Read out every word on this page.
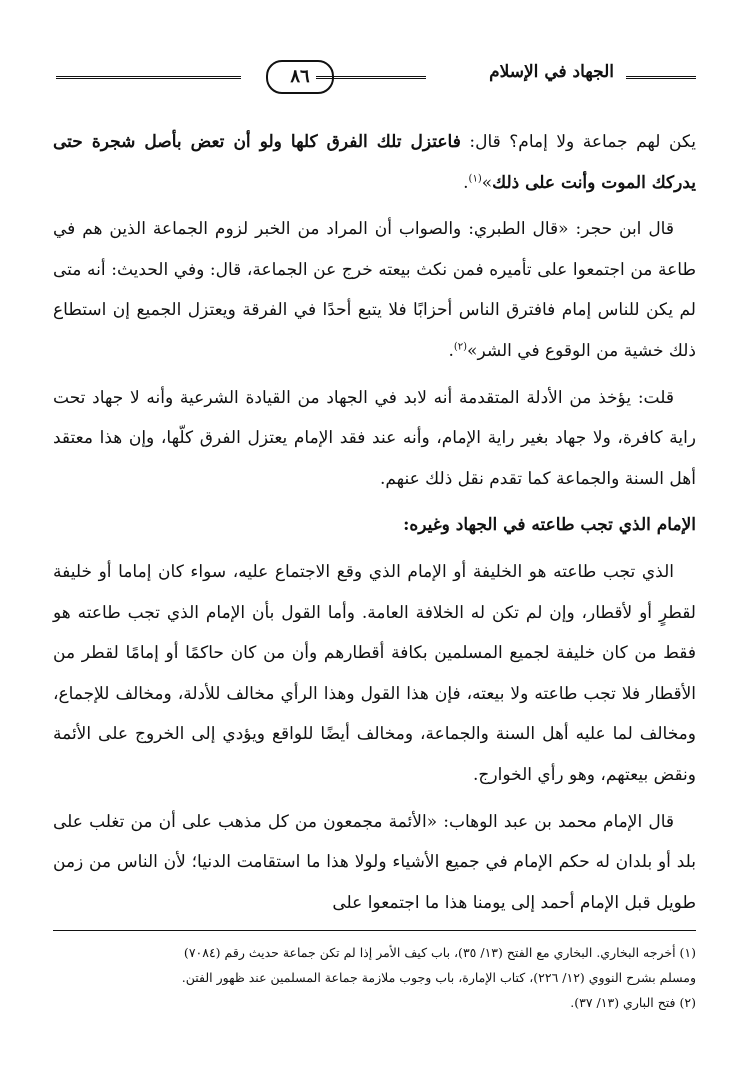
الجهاد في الإسلام
٨٦

يكن لهم جماعة ولا إمام؟ قال: فاعتزل تلك الفرق كلها ولو أن تعض بأصل شجرة حتى يدركك الموت وأنت على ذلك»$^{(١)}$.

قال ابن حجر: «قال الطبري: والصواب أن المراد من الخبر لزوم الجماعة الذين هم في طاعة من اجتمعوا على تأميره فمن نكث بيعته خرج عن الجماعة، قال: وفي الحديث: أنه متى لم يكن للناس إمام فافترق الناس أحزابًا فلا يتبع أحدًا في الفرقة ويعتزل الجميع إن استطاع ذلك خشية من الوقوع في الشر»$^{(٢)}$.

قلت: يؤخذ من الأدلة المتقدمة أنه لابد في الجهاد من القيادة الشرعية وأنه لا جهاد تحت راية كافرة، ولا جهاد بغير راية الإمام، وأنه عند فقد الإمام يعتزل الفرق كلّها، وإن هذا معتقد أهل السنة والجماعة كما تقدم نقل ذلك عنهم.

الإمام الذي تجب طاعته في الجهاد وغيره:

الذي تجب طاعته هو الخليفة أو الإمام الذي وقع الاجتماع عليه، سواء كان إماما أو خليفة لقطرٍ أو لأقطار، وإن لم تكن له الخلافة العامة. وأما القول بأن الإمام الذي تجب طاعته هو فقط من كان خليفة لجميع المسلمين بكافة أقطارهم وأن من كان حاكمًا أو إمامًا لقطر من الأقطار فلا تجب طاعته ولا بيعته، فإن هذا القول وهذا الرأي مخالف للأدلة، ومخالف للإجماع، ومخالف لما عليه أهل السنة والجماعة، ومخالف أيضًا للواقع ويؤدي إلى الخروج على الأئمة ونقض بيعتهم، وهو رأي الخوارج.

قال الإمام محمد بن عبد الوهاب: «الأئمة مجمعون من كل مذهب على أن من تغلب على بلد أو بلدان له حكم الإمام في جميع الأشياء ولولا هذا ما استقامت الدنيا؛ لأن الناس من زمن طويل قبل الإمام أحمد إلى يومنا هذا ما اجتمعوا على

(١) أخرجه البخاري. البخاري مع الفتح (١٣/ ٣٥)، باب كيف الأمر إذا لم تكن جماعة حديث رقم (٧٠٨٤)
ومسلم بشرح النووي (١٢/ ٢٢٦)، كتاب الإمارة، باب وجوب ملازمة جماعة المسلمين عند ظهور الفتن.
(٢) فتح الباري (١٣/ ٣٧).
